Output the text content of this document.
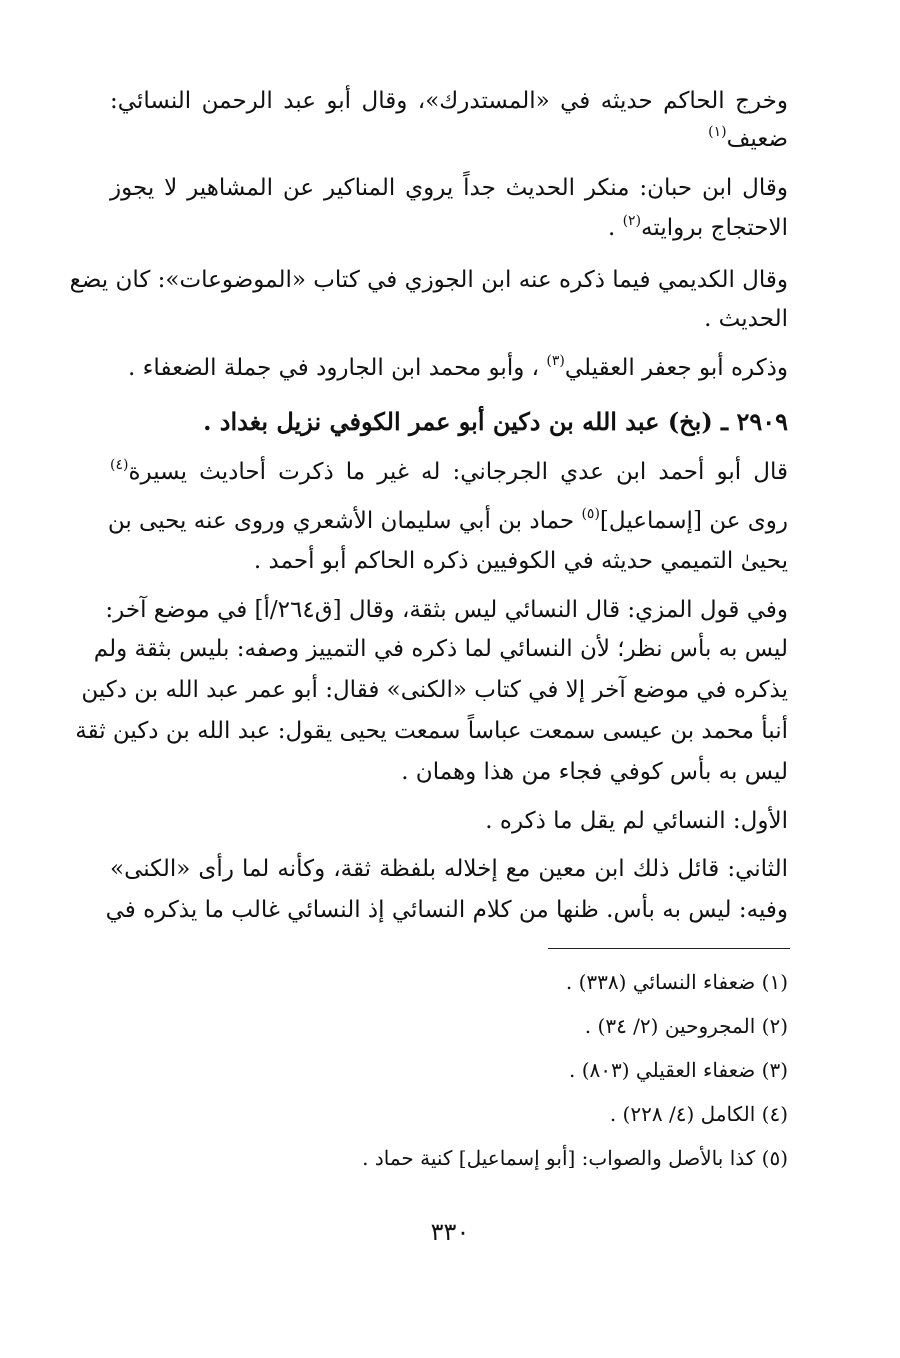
وخرج الحاكم حديثه في «المستدرك»، وقال أبو عبد الرحمن النسائي:
ضعيف$^{(١)}$
وقال ابن حبان: منكر الحديث جداً يروي المناكير عن المشاهير لا يجوز
الاحتجاج بروايته$^{(٢)}$ .
وقال الكديمي فيما ذكره عنه ابن الجوزي في كتاب «الموضوعات»: كان يضع
الحديث .
وذكره أبو جعفر العقيلي$^{(٣)}$ ، وأبو محمد ابن الجارود في جملة الضعفاء .
٢٩٠٩ ـ (بخ) عبد الله بن دكين أبو عمر الكوفي نزيل بغداد .
قال أبو أحمد ابن عدي الجرجاني: له غير ما ذكرت أحاديث يسيرة$^{(٤)}$
روى عن [إسماعيل]$^{(٥)}$ حماد بن أبي سليمان الأشعري وروى عنه يحيى بن
يحيىٰ التميمي حديثه في الكوفيين ذكره الحاكم أبو أحمد .
وفي قول المزي: قال النسائي ليس بثقة، وقال [ق٢٦٤/أ] في موضع آخر:
ليس به بأس نظر؛ لأن النسائي لما ذكره في التمييز وصفه: بليس بثقة ولم
يذكره في موضع آخر إلا في كتاب «الكنى» فقال: أبو عمر عبد الله بن دكين
أنبأ محمد بن عيسى سمعت عباساً سمعت يحيى يقول: عبد الله بن دكين ثقة
ليس به بأس كوفي فجاء من هذا وهمان .
الأول: النسائي لم يقل ما ذكره .
الثاني: قائل ذلك ابن معين مع إخلاله بلفظة ثقة، وكأنه لما رأى «الكنى»
وفيه: ليس به بأس. ظنها من كلام النسائي إذ النسائي غالب ما يذكره في
(١) ضعفاء النسائي (٣٣٨) .
(٢) المجروحين (٢/ ٣٤) .
(٣) ضعفاء العقيلي (٨٠٣) .
(٤) الكامل (٤/ ٢٢٨) .
(٥) كذا بالأصل والصواب: [أبو إسماعيل] كنية حماد .
٣٣٠
